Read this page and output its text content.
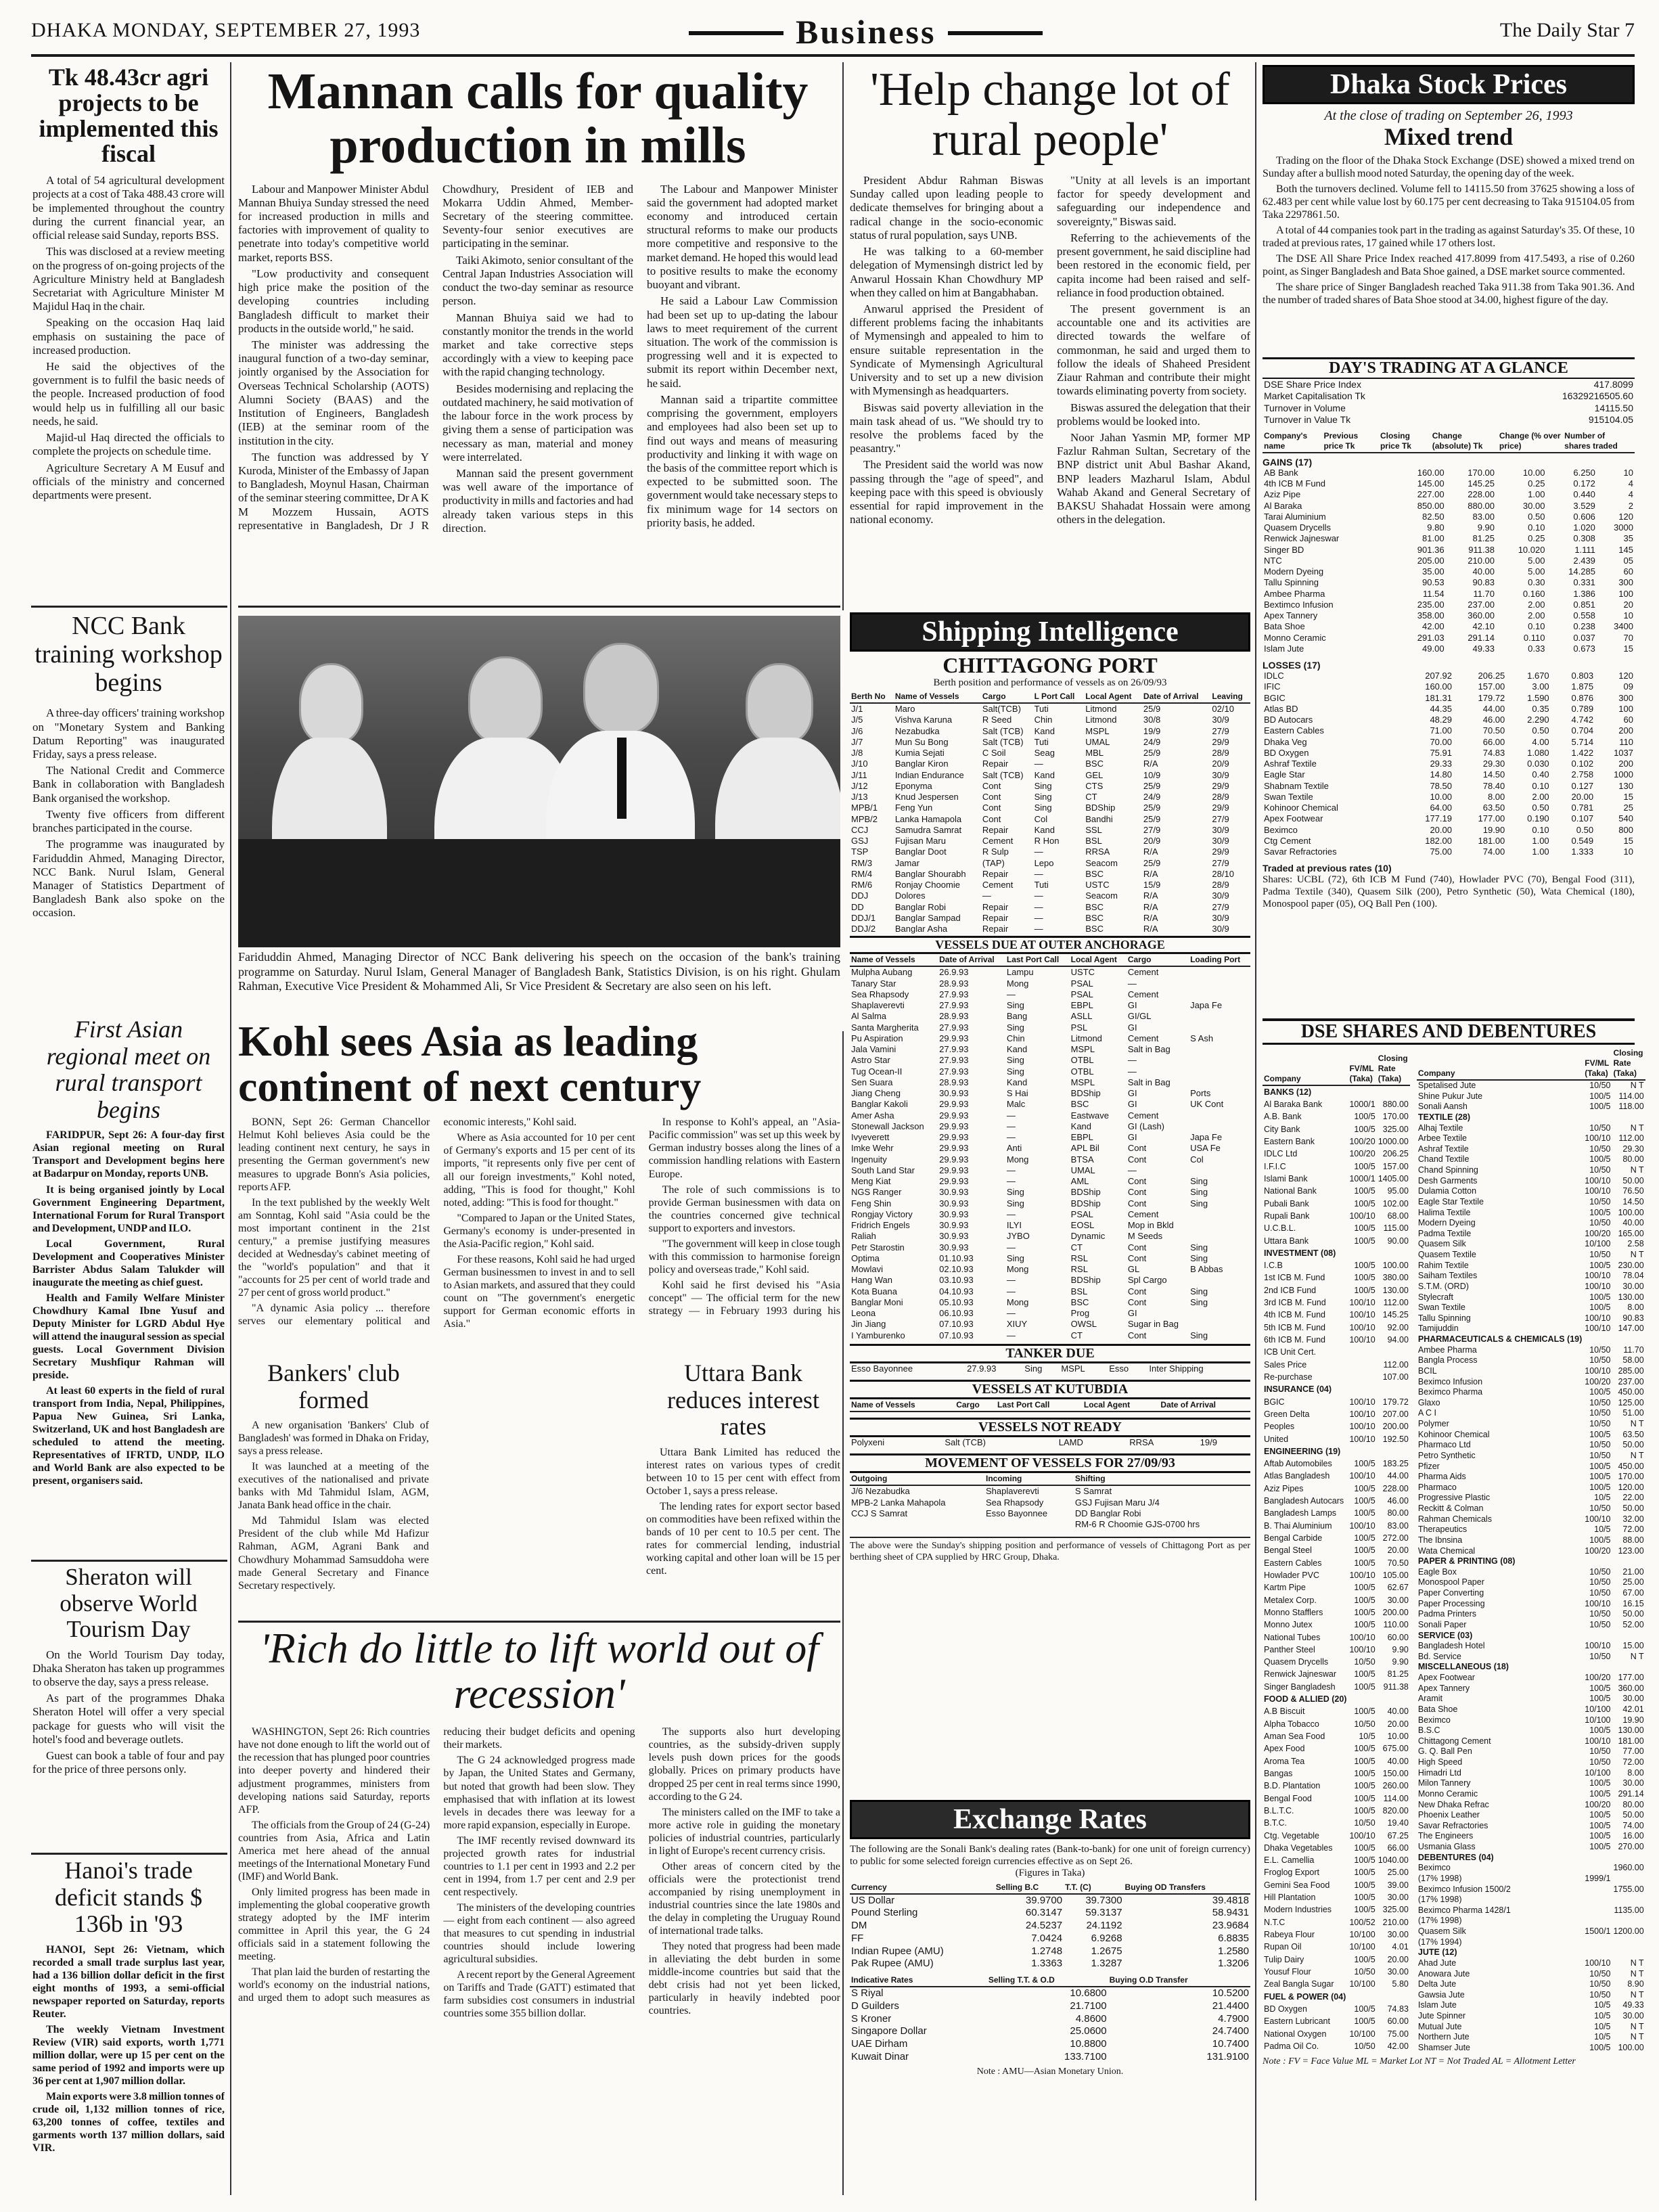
DHAKA MONDAY, SEPTEMBER 27, 1993	Business	The Daily Star 7
Tk 48.43cr agri projects to be implemented this fiscal

A total of 54 agricultural development projects at a cost of Taka 488.43 crore will be implemented throughout the country during the current financial year, an official release said Sunday, reports BSS.

This was disclosed at a review meeting on the progress of on-going projects of the Agriculture Ministry held at Bangladesh Secretariat with Agriculture Minister M Majidul Haq in the chair.

Speaking on the occasion Haq laid emphasis on sustaining the pace of increased production.

He said the objectives of the government is to fulfil the basic needs of the people. Increased production of food would help us in fulfilling all our basic needs, he said.

Majid-ul Haq directed the officials to complete the projects on schedule time.

Agriculture Secretary A M Eusuf and officials of the ministry and concerned departments were present.

Mannan calls for quality production in mills

Labour and Manpower Minister Abdul Mannan Bhuiya Sunday stressed the need for increased production in mills and factories with improvement of quality to penetrate into today's competitive world market, reports BSS.

"Low productivity and consequent high price make the position of the developing countries including Bangladesh difficult to market their products in the outside world," he said.

The minister was addressing the inaugural function of a two-day seminar, jointly organised by the Association for Overseas Technical Scholarship (AOTS) Alumni Society (BAAS) and the Institution of Engineers, Bangladesh (IEB) at the seminar room of the institution in the city.

The function was addressed by Y Kuroda, Minister of the Embassy of Japan to Bangladesh, Moynul Hasan, Chairman of the seminar steering committee, Dr A K M Mozzem Hussain, AOTS representative in Bangladesh, Dr J R Chowdhury, President of IEB and Mokarra Uddin Ahmed, Member-Secretary of the steering committee. Seventy-four senior executives are participating in the seminar.

Taiki Akimoto, senior consultant of the Central Japan Industries Association will conduct the two-day seminar as resource person.

Mannan Bhuiya said we had to constantly monitor the trends in the world market and take corrective steps accordingly with a view to keeping pace with the rapid changing technology.

Besides modernising and replacing the outdated machinery, he said motivation of the labour force in the work process by giving them a sense of participation was necessary as man, material and money were interrelated.

Mannan said the present government was well aware of the importance of productivity in mills and factories and had already taken various steps in this direction.

The Labour and Manpower Minister said the government had adopted market economy and introduced certain structural reforms to make our products more competitive and responsive to the market demand. He hoped this would lead to positive results to make the economy buoyant and vibrant.

He said a Labour Law Commission had been set up to up-dating the labour laws to meet requirement of the current situation. The work of the commission is progressing well and it is expected to submit its report within December next, he said.

Mannan said a tripartite committee comprising the government, employers and employees had also been set up to find out ways and means of measuring productivity and linking it with wage on the basis of the committee report which is expected to be submitted soon. The government would take necessary steps to fix minimum wage for 14 sectors on priority basis, he added.

'Help change lot of rural people'

President Abdur Rahman Biswas Sunday called upon leading people to dedicate themselves for bringing about a radical change in the socio-economic status of rural population, says UNB.

He was talking to a 60-member delegation of Mymensingh district led by Anwarul Hossain Khan Chowdhury MP when they called on him at Bangabhaban.

Anwarul apprised the President of different problems facing the inhabitants of Mymensingh and appealed to him to ensure suitable representation in the Syndicate of Mymensingh Agricultural University and to set up a new division with Mymensingh as headquarters.

Biswas said poverty alleviation in the main task ahead of us. "We should try to resolve the problems faced by the peasantry."

The President said the world was now passing through the "age of speed", and keeping pace with this speed is obviously essential for rapid improvement in the national economy.

"Unity at all levels is an important factor for speedy development and safeguarding our independence and sovereignty," Biswas said.

Referring to the achievements of the present government, he said discipline had been restored in the economic field, per capita income had been raised and self-reliance in food production obtained.

The present government is an accountable one and its activities are directed towards the welfare of commonman, he said and urged them to follow the ideals of Shaheed President Ziaur Rahman and contribute their might towards eliminating poverty from society.

Biswas assured the delegation that their problems would be looked into.

Noor Jahan Yasmin MP, former MP Fazlur Rahman Sultan, Secretary of the BNP district unit Abul Bashar Akand, BNP leaders Mazharul Islam, Abdul Wahab Akand and General Secretary of BAKSU Shahadat Hossain were among others in the delegation.

NCC Bank training workshop begins

A three-day officers' training workshop on "Monetary System and Banking Datum Reporting" was inaugurated Friday, says a press release.

The National Credit and Commerce Bank in collaboration with Bangladesh Bank organised the workshop.

Twenty five officers from different branches participated in the course.

The programme was inaugurated by Fariduddin Ahmed, Managing Director, NCC Bank. Nurul Islam, General Manager of Statistics Department of Bangladesh Bank also spoke on the occasion.

Fariduddin Ahmed, Managing Director of NCC Bank delivering his speech on the occasion of the bank's training programme on Saturday. Nurul Islam, General Manager of Bangladesh Bank, Statistics Division, is on his right. Ghulam Rahman, Executive Vice President & Mohammed Ali, Sr Vice President & Secretary are also seen on his left.
Shipping Intelligence
CHITTAGONG PORT
Berth position and performance of vessels as on 26/09/93
Berth No	Name of Vessels	Cargo	L Port Call	Local Agent	Date of Arrival	Leaving
J/1	Maro	Salt(TCB)	Tuti	Litmond	25/9	02/10
J/5	Vishva Karuna	R Seed	Chin	Litmond	30/8	30/9
J/6	Nezabudka	Salt (TCB)	Kand	MSPL	19/9	27/9
J/7	Mun Su Bong	Salt (TCB)	Tuti	UMAL	24/9	29/9
J/8	Kumia Sejati	C Soil	Seag	MBL	25/9	28/9
J/10	Banglar Kiron	Repair	—	BSC	R/A	20/9
J/11	Indian Endurance	Salt (TCB)	Kand	GEL	10/9	30/9
J/12	Eponyma	Cont	Sing	CTS	25/9	29/9
J/13	Knud Jespersen	Cont	Sing	CT	24/9	28/9
MPB/1	Feng Yun	Cont	Sing	BDShip	25/9	29/9
MPB/2	Lanka Hamapola	Cont	Col	Bandhi	25/9	27/9
CCJ	Samudra Samrat	Repair	Kand	SSL	27/9	30/9
GSJ	Fujisan Maru	Cement	R Hon	BSL	20/9	30/9
TSP	Banglar Doot	R Sulp	—	RRSA	R/A	29/9
RM/3	Jamar	(TAP)	Lepo	Seacom	25/9	27/9
RM/4	Banglar Shourabh	Repair	—	BSC	R/A	28/10
RM/6	Ronjay Choomie	Cement	Tuti	USTC	15/9	28/9
DDJ	Dolores	—	—	Seacom	R/A	30/9
DD	Banglar Robi	Repair	—	BSC	R/A	27/9
DDJ/1	Banglar Sampad	Repair	—	BSC	R/A	30/9
DDJ/2	Banglar Asha	Repair	—	BSC	R/A	30/9
VESSELS DUE AT OUTER ANCHORAGE
Name of Vessels	Date of Arrival	Last Port Call	Local Agent	Cargo	Loading Port
Mulpha Aubang	26.9.93	Lampu	USTC	Cement	
Tanary Star	28.9.93	Mong	PSAL	—	
Sea Rhapsody	27.9.93	—	PSAL	Cement	
Shaplaverevti	27.9.93	Sing	EBPL	GI	Japa Fe
Al Salma	28.9.93	Bang	ASLL	GI/GL	
Santa Margherita	27.9.93	Sing	PSL	GI	
Pu Aspiration	29.9.93	Chin	Litmond	Cement	S Ash
Jala Vamini	27.9.93	Kand	MSPL	Salt in Bag	
Astro Star	27.9.93	Sing	OTBL	—	
Tug Ocean-II	27.9.93	Sing	OTBL	—	
Sen Suara	28.9.93	Kand	MSPL	Salt in Bag	
Jiang Cheng	30.9.93	S Hai	BDShip	GI	Ports
Banglar Kakoli	29.9.93	Malc	BSC	GI	UK Cont
Amer Asha	29.9.93	—	Eastwave	Cement	
Stonewall Jackson	29.9.93	—	Kand	GI (Lash)	
Ivyeverett	29.9.93	—	EBPL	GI	Japa Fe
Imke Wehr	29.9.93	Anti	APL Bil	Cont	USA Fe
Ingenuity	29.9.93	Mong	BTSA	Cont	Col
South Land Star	29.9.93	—	UMAL	—	
Meng Kiat	29.9.93	—	AML	Cont	Sing
NGS Ranger	30.9.93	Sing	BDShip	Cont	Sing
Feng Shin	30.9.93	Sing	BDShip	Cont	Sing
Rongjay Victory	30.9.93	—	PSAL	Cement	
Fridrich Engels	30.9.93	ILYI	EOSL	Mop in Bkld	
Raliah	30.9.93	JYBO	Dynamic	M Seeds	
Petr Starostin	30.9.93	—	CT	Cont	Sing
Optima	01.10.93	Sing	RSL	Cont	Sing
Mowlavi	02.10.93	Mong	RSL	GL	B Abbas
Hang Wan	03.10.93	—	BDShip	Spl Cargo	
Kota Buana	04.10.93	—	BSL	Cont	Sing
Banglar Moni	05.10.93	Mong	BSC	Cont	Sing
Leona	06.10.93	—	Prog	GI	
Jin Jiang	07.10.93	XIUY	OWSL	Sugar in Bag	
I Yamburenko	07.10.93	—	CT	Cont	Sing
TANKER DUE
Esso Bayonnee	27.9.93	Sing	MSPL	Esso	Inter Shipping
VESSELS AT KUTUBDIA
Name of Vessels	Cargo	Last Port Call	Local Agent	Date of Arrival
VESSELS NOT READY
Polyxeni	Salt (TCB)	LAMD	RRSA	19/9
MOVEMENT OF VESSELS FOR 27/09/93
Outgoing	Incoming	Shifting
J/6 Nezabudka	Shaplaverevti	S Samrat
MPB-2 Lanka Mahapola	Sea Rhapsody	GSJ Fujisan Maru J/4
CCJ S Samrat	Esso Bayonnee	DD Banglar Robi
		RM-6 R Choomie GJS-0700 hrs
The above were the Sunday's shipping position and performance of vessels of Chittagong Port as per berthing sheet of CPA supplied by HRC Group, Dhaka.
Exchange Rates
The following are the Sonali Bank's dealing rates (Bank-to-bank) for one unit of foreign currency) to public for some selected foreign currencies effective as on Sept 26.
(Figures in Taka)
Currency	Selling B.C	T.T. (C)	Buying OD Transfers
US Dollar	39.9700	39.7300	39.4818
Pound Sterling	60.3147	59.3137	58.9431
DM	24.5237	24.1192	23.9684
FF	7.0424	6.9268	6.8835
Indian Rupee (AMU)	1.2748	1.2675	1.2580
Pak Rupee (AMU)	1.3363	1.3287	1.3206
Indicative Rates	Selling T.T. & O.D	Buying O.D Transfer
S Riyal	10.6800	10.5200
D Guilders	21.7100	21.4400
S Kroner	4.8600	4.7900
Singapore Dollar	25.0600	24.7400
UAE Dirham	10.8800	10.7400
Kuwait Dinar	133.7100	131.9100
Note : AMU—Asian Monetary Union.
First Asian regional meet on rural transport begins

FARIDPUR, Sept 26: A four-day first Asian regional meeting on Rural Transport and Development begins here at Badarpur on Monday, reports UNB.

It is being organised jointly by Local Government Engineering Department, International Forum for Rural Transport and Development, UNDP and ILO.

Local Government, Rural Development and Cooperatives Minister Barrister Abdus Salam Talukder will inaugurate the meeting as chief guest.

Health and Family Welfare Minister Chowdhury Kamal Ibne Yusuf and Deputy Minister for LGRD Abdul Hye will attend the inaugural session as special guests. Local Government Division Secretary Mushfiqur Rahman will preside.

At least 60 experts in the field of rural transport from India, Nepal, Philippines, Papua New Guinea, Sri Lanka, Switzerland, UK and host Bangladesh are scheduled to attend the meeting. Representatives of IFRTD, UNDP, ILO and World Bank are also expected to be present, organisers said.

Sheraton will observe World Tourism Day

On the World Tourism Day today, Dhaka Sheraton has taken up programmes to observe the day, says a press release.

As part of the programmes Dhaka Sheraton Hotel will offer a very special package for guests who will visit the hotel's food and beverage outlets.

Guest can book a table of four and pay for the price of three persons only.

Hanoi's trade deficit stands $ 136b in '93

HANOI, Sept 26: Vietnam, which recorded a small trade surplus last year, had a 136 billion dollar deficit in the first eight months of 1993, a semi-official newspaper reported on Saturday, reports Reuter.

The weekly Vietnam Investment Review (VIR) said exports, worth 1,771 million dollar, were up 15 per cent on the same period of 1992 and imports were up 36 per cent at 1,907 million dollar.

Main exports were 3.8 million tonnes of crude oil, 1,132 million tonnes of rice, 63,200 tonnes of coffee, textiles and garments worth 137 million dollars, said VIR.

Kohl sees Asia as leading continent of next century

BONN, Sept 26: German Chancellor Helmut Kohl believes Asia could be the leading continent next century, he says in presenting the German government's new measures to upgrade Bonn's Asia policies, reports AFP.

In the text published by the weekly Welt am Sonntag, Kohl said "Asia could be the most important continent in the 21st century," a premise justifying measures decided at Wednesday's cabinet meeting of the "world's population" and that it "accounts for 25 per cent of world trade and 27 per cent of gross world product."

"A dynamic Asia policy ... therefore serves our elementary political and economic interests," Kohl said.

Where as Asia accounted for 10 per cent of Germany's exports and 15 per cent of its imports, "it represents only five per cent of all our foreign investments," Kohl noted, adding, "This is food for thought," Kohl noted, adding: "This is food for thought."

"Compared to Japan or the United States, Germany's economy is under-presented in the Asia-Pacific region," Kohl said.

For these reasons, Kohl said he had urged German businessmen to invest in and to sell to Asian markets, and assured that they could count on "The government's energetic support for German economic efforts in Asia."

In response to Kohl's appeal, an "Asia-Pacific commission" was set up this week by German industry bosses along the lines of a commission handling relations with Eastern Europe.

The role of such commissions is to provide German businessmen with data on the countries concerned give technical support to exporters and investors.

"The government will keep in close tough with this commission to harmonise foreign policy and overseas trade," Kohl said.

Kohl said he first devised his "Asia concept" — The official term for the new strategy — in February 1993 during his

Bankers' club formed

A new organisation 'Bankers' Club of Bangladesh' was formed in Dhaka on Friday, says a press release.

It was launched at a meeting of the executives of the nationalised and private banks with Md Tahmidul Islam, AGM, Janata Bank head office in the chair.

Md Tahmidul Islam was elected President of the club while Md Hafizur Rahman, AGM, Agrani Bank and Chowdhury Mohammad Samsuddoha were made General Secretary and Finance Secretary respectively.

Uttara Bank reduces interest rates

Uttara Bank Limited has reduced the interest rates on various types of credit between 10 to 15 per cent with effect from October 1, says a press release.

The lending rates for export sector based on commodities have been refixed within the bands of 10 per cent to 10.5 per cent. The rates for commercial lending, industrial working capital and other loan will be 15 per cent.

'Rich do little to lift world out of recession'

WASHINGTON, Sept 26: Rich countries have not done enough to lift the world out of the recession that has plunged poor countries into deeper poverty and hindered their adjustment programmes, ministers from developing nations said Saturday, reports AFP.

The officials from the Group of 24 (G-24) countries from Asia, Africa and Latin America met here ahead of the annual meetings of the International Monetary Fund (IMF) and World Bank.

Only limited progress has been made in implementing the global cooperative growth strategy adopted by the IMF interim committee in April this year, the G 24 officials said in a statement following the meeting.

That plan laid the burden of restarting the world's economy on the industrial nations, and urged them to adopt such measures as reducing their budget deficits and opening their markets.

The G 24 acknowledged progress made by Japan, the United States and Germany, but noted that growth had been slow. They emphasised that with inflation at its lowest levels in decades there was leeway for a more rapid expansion, especially in Europe.

The IMF recently revised downward its projected growth rates for industrial countries to 1.1 per cent in 1993 and 2.2 per cent in 1994, from 1.7 per cent and 2.9 per cent respectively.

The ministers of the developing countries — eight from each continent — also agreed that measures to cut spending in industrial countries should include lowering agricultural subsidies.

A recent report by the General Agreement on Tariffs and Trade (GATT) estimated that farm subsidies cost consumers in industrial countries some 355 billion dollar.

The supports also hurt developing countries, as the subsidy-driven supply levels push down prices for the goods globally. Prices on primary products have dropped 25 per cent in real terms since 1990, according to the G 24.

The ministers called on the IMF to take a more active role in guiding the monetary policies of industrial countries, particularly in light of Europe's recent currency crisis.

Other areas of concern cited by the officials were the protectionist trend accompanied by rising unemployment in industrial countries since the late 1980s and the delay in completing the Uruguay Round of international trade talks.

They noted that progress had been made in alleviating the debt burden in some middle-income countries but said that the debt crisis had not yet been licked, particularly in heavily indebted poor countries.

Dhaka Stock Prices
At the close of trading on September 26, 1993
Mixed trend

Trading on the floor of the Dhaka Stock Exchange (DSE) showed a mixed trend on Sunday after a bullish mood noted Saturday, the opening day of the week.

Both the turnovers declined. Volume fell to 14115.50 from 37625 showing a loss of 62.483 per cent while value lost by 60.175 per cent decreasing to Taka 915104.05 from Taka 2297861.50.

A total of 44 companies took part in the trading as against Saturday's 35. Of these, 10 traded at previous rates, 17 gained while 17 others lost.

The DSE All Share Price Index reached 417.8099 from 417.5493, a rise of 0.260 point, as Singer Bangladesh and Bata Shoe gained, a DSE market source commented.

The share price of Singer Bangladesh reached Taka 911.38 from Taka 901.36. And the number of traded shares of Bata Shoe stood at 34.00, highest figure of the day.

DAY'S TRADING AT A GLANCE
DSE Share Price Index	417.8099
Market Capitalisation Tk	16329216505.60
Turnover in Volume	14115.50
Turnover in Value Tk	915104.05
Company's name	Previous price Tk	Closing price Tk	Change (absolute) Tk	Change (% over price)	Number of shares traded
GAINS (17)
AB Bank	160.00	170.00	10.00	6.250	10
4th ICB M Fund	145.00	145.25	0.25	0.172	4
Aziz Pipe	227.00	228.00	1.00	0.440	4
Al Baraka	850.00	880.00	30.00	3.529	2
Tarai Aluminium	82.50	83.00	0.50	0.606	120
Quasem Drycells	9.80	9.90	0.10	1.020	3000
Renwick Jajneswar	81.00	81.25	0.25	0.308	35
Singer BD	901.36	911.38	10.020	1.111	145
NTC	205.00	210.00	5.00	2.439	05
Modern Dyeing	35.00	40.00	5.00	14.285	60
Tallu Spinning	90.53	90.83	0.30	0.331	300
Ambee Pharma	11.54	11.70	0.160	1.386	100
Bextimco Infusion	235.00	237.00	2.00	0.851	20
Apex Tannery	358.00	360.00	2.00	0.558	10
Bata Shoe	42.00	42.10	0.10	0.238	3400
Monno Ceramic	291.03	291.14	0.110	0.037	70
Islam Jute	49.00	49.33	0.33	0.673	15
LOSSES (17)
IDLC	207.92	206.25	1.670	0.803	120
IFIC	160.00	157.00	3.00	1.875	09
BGIC	181.31	179.72	1.590	0.876	300
Atlas BD	44.35	44.00	0.35	0.789	100
BD Autocars	48.29	46.00	2.290	4.742	60
Eastern Cables	71.00	70.50	0.50	0.704	200
Dhaka Veg	70.00	66.00	4.00	5.714	110
BD Oxygen	75.91	74.83	1.080	1.422	1037
Ashraf Textile	29.33	29.30	0.030	0.102	200
Eagle Star	14.80	14.50	0.40	2.758	1000
Shabnam Textile	78.50	78.40	0.10	0.127	130
Swan Textile	10.00	8.00	2.00	20.00	15
Kohinoor Chemical	64.00	63.50	0.50	0.781	25
Apex Footwear	177.19	177.00	0.190	0.107	540
Beximco	20.00	19.90	0.10	0.50	800
Ctg Cement	182.00	181.00	1.00	0.549	15
Savar Refractories	75.00	74.00	1.00	1.333	10
Traded at previous rates (10)
Shares: UCBL (72), 6th ICB M Fund (740), Howlader PVC (70), Bengal Food (311), Padma Textile (340), Quasem Silk (200), Petro Synthetic (50), Wata Chemical (180), Monospool paper (05), OQ Ball Pen (100).
DSE SHARES AND DEBENTURES
Company	FV/ML (Taka)	Closing Rate (Taka)
BANKS (12)		
Al Baraka Bank	1000/1	880.00
A.B. Bank	100/5	170.00
City Bank	100/5	325.00
Eastern Bank	100/20	1000.00
IDLC Ltd	100/20	206.25
I.F.I.C	100/5	157.00
Islami Bank	1000/1	1405.00
National Bank	100/5	95.00
Pubali Bank	100/5	102.00
Rupali Bank	100/10	68.00
U.C.B.L.	100/5	115.00
Uttara Bank	100/5	90.00
INVESTMENT (08)		
I.C.B	100/5	100.00
1st ICB M. Fund	100/5	380.00
2nd ICB Fund	100/5	130.00
3rd ICB M. Fund	100/10	112.00
4th ICB M. Fund	100/10	145.25
5th ICB M. Fund	100/10	92.00
6th ICB M. Fund	100/10	94.00
ICB Unit Cert.		
Sales Price		112.00
Re-purchase		107.00
INSURANCE (04)		
BGIC	100/10	179.72
Green Delta	100/10	207.00
Peoples	100/10	200.00
United	100/10	192.50
ENGINEERING (19)		
Aftab Automobiles	100/5	183.25
Atlas Bangladesh	100/10	44.00
Aziz Pipes	100/5	228.00
Bangladesh Autocars	100/5	46.00
Bangladesh Lamps	100/5	80.00
B. Thai Aluminium	100/10	83.00
Bengal Carbide	100/5	272.00
Bengal Steel	100/5	20.00
Eastern Cables	100/5	70.50
Howlader PVC	100/10	105.00
Kartm Pipe	100/5	62.67
Metalex Corp.	100/5	30.00
Monno Stafflers	100/5	200.00
Monno Jutex	100/5	110.00
National Tubes	100/10	60.00
Panther Steel	100/10	9.90
Quasem Drycells	10/50	9.90
Renwick Jajneswar	100/5	81.25
Singer Bangladesh	100/5	911.38
FOOD & ALLIED (20)		
A.B Biscuit	100/5	40.00
Alpha Tobacco	10/50	20.00
Aman Sea Food	10/5	10.00
Apex Food	100/5	675.00
Aroma Tea	100/5	40.00
Bangas	100/5	150.00
B.D. Plantation	100/5	260.00
Bengal Food	100/5	114.00
B.L.T.C.	100/5	820.00
B.T.C.	10/50	19.40
Ctg. Vegetable	100/10	67.25
Dhaka Vegetables	100/5	66.00
E.L. Camellia	100/5	1040.00
Froglog Export	100/5	25.00
Gemini Sea Food	100/5	39.00
Hill Plantation	100/5	30.00
Modern Industries	100/5	325.00
N.T.C	100/52	210.00
Rabeya Flour	10/100	30.00
Rupan Oil	10/100	4.01
Tulip Dairy	100/5	20.00
Yousuf Flour	10/50	30.00
Zeal Bangla Sugar	10/100	5.80
FUEL & POWER (04)		
BD Oxygen	100/5	74.83
Eastern Lubricant	100/5	60.00
National Oxygen	10/100	75.00
Padma Oil Co.	10/50	42.00
Company	FV/ML (Taka)	Closing Rate (Taka)
Spetalised Jute	10/50	N T
Shine Pukur Jute	100/5	114.00
Sonali Aansh	100/5	118.00
TEXTILE (28)		
Alhaj Textile	10/50	N T
Arbee Textile	100/10	112.00
Ashraf Textile	10/50	29.30
Chand Textile	100/5	80.00
Chand Spinning	10/50	N T
Desh Garments	100/10	50.00
Dulamia Cotton	100/10	76.50
Eagle Star Textile	10/50	14.50
Halima Textile	100/5	100.00
Modern Dyeing	10/50	40.00
Padma Textile	100/20	165.00
Quasem Silk	10/100	2.58
Quasem Textile	10/50	N T
Rahim Textile	100/5	230.00
Saiham Textiles	100/10	78.04
S.T.M. (ORD)	100/10	30.00
Stylecraft	100/5	130.00
Swan Textile	100/5	8.00
Tallu Spinning	100/10	90.83
Tamijuddin	100/10	147.00
PHARMACEUTICALS & CHEMICALS (19)		
Ambee Pharma	10/50	11.70
Bangla Process	10/50	58.00
BCIL	100/10	285.00
Beximco Infusion	100/20	237.00
Beximco Pharma	100/5	450.00
Glaxo	10/50	125.00
A C I	10/50	51.00
Polymer	10/50	N T
Kohinoor Chemical	100/5	63.50
Pharmaco Ltd	10/50	50.00
Petro Synthetic	10/50	N T
Pfizer	100/5	450.00
Pharma Aids	100/5	170.00
Pharmaco	100/5	120.00
Progressive Plastic	10/5	22.00
Reckitt & Colman	10/50	50.00
Rahman Chemicals	100/10	32.00
Therapeutics	10/5	72.00
The Ibnsina	100/5	88.00
Wata Chemical	100/20	123.00
PAPER & PRINTING (08)		
Eagle Box	10/50	21.00
Monospool Paper	10/50	25.00
Paper Converting	10/50	67.00
Paper Processing	100/10	16.15
Padma Printers	10/50	50.00
Sonali Paper	10/50	52.00
SERVICE (03)		
Bangladesh Hotel	100/10	15.00
Bd. Service	10/50	N T
MISCELLANEOUS (18)		
Apex Footwear	100/20	177.00
Apex Tannery	100/5	360.00
Aramit	100/5	30.00
Bata Shoe	10/100	42.01
Beximco	10/100	19.90
B.S.C	100/5	130.00
Chittagong Cement	100/10	181.00
G. Q. Ball Pen	10/50	77.00
High Speed	10/50	72.00
Himadri Ltd	10/100	8.00
Milon Tannery	100/5	30.00
Monno Ceramic	100/5	291.14
New Dhaka Refrac	100/20	80.00
Phoenix Leather	100/5	50.00
Savar Refractories	100/5	74.00
The Engineers	100/5	16.00
Usmania Glass	100/5	270.00
DEBENTURES (04)		
Beximco		1960.00
(17% 1998)	1999/1	
Beximco Infusion 1500/2		1755.00
(17% 1998)		
Beximco Pharma 1428/1		1135.00
(17% 1998)		
Quasem Silk	1500/1	1200.00
(17% 1994)		
JUTE (12)		
Ahad Jute	100/10	N T
Anowara Jute	10/50	N T
Delta Jute	10/50	8.90
Gawsia Jute	10/50	N T
Islam Jute	10/5	49.33
Jute Spinner	10/5	30.00
Mutual Jute	10/5	N T
Northern Jute	10/5	N T
Shamser Jute	100/5	100.00
Note : FV = Face Value ML = Market Lot NT = Not Traded AL = Allotment Letter
